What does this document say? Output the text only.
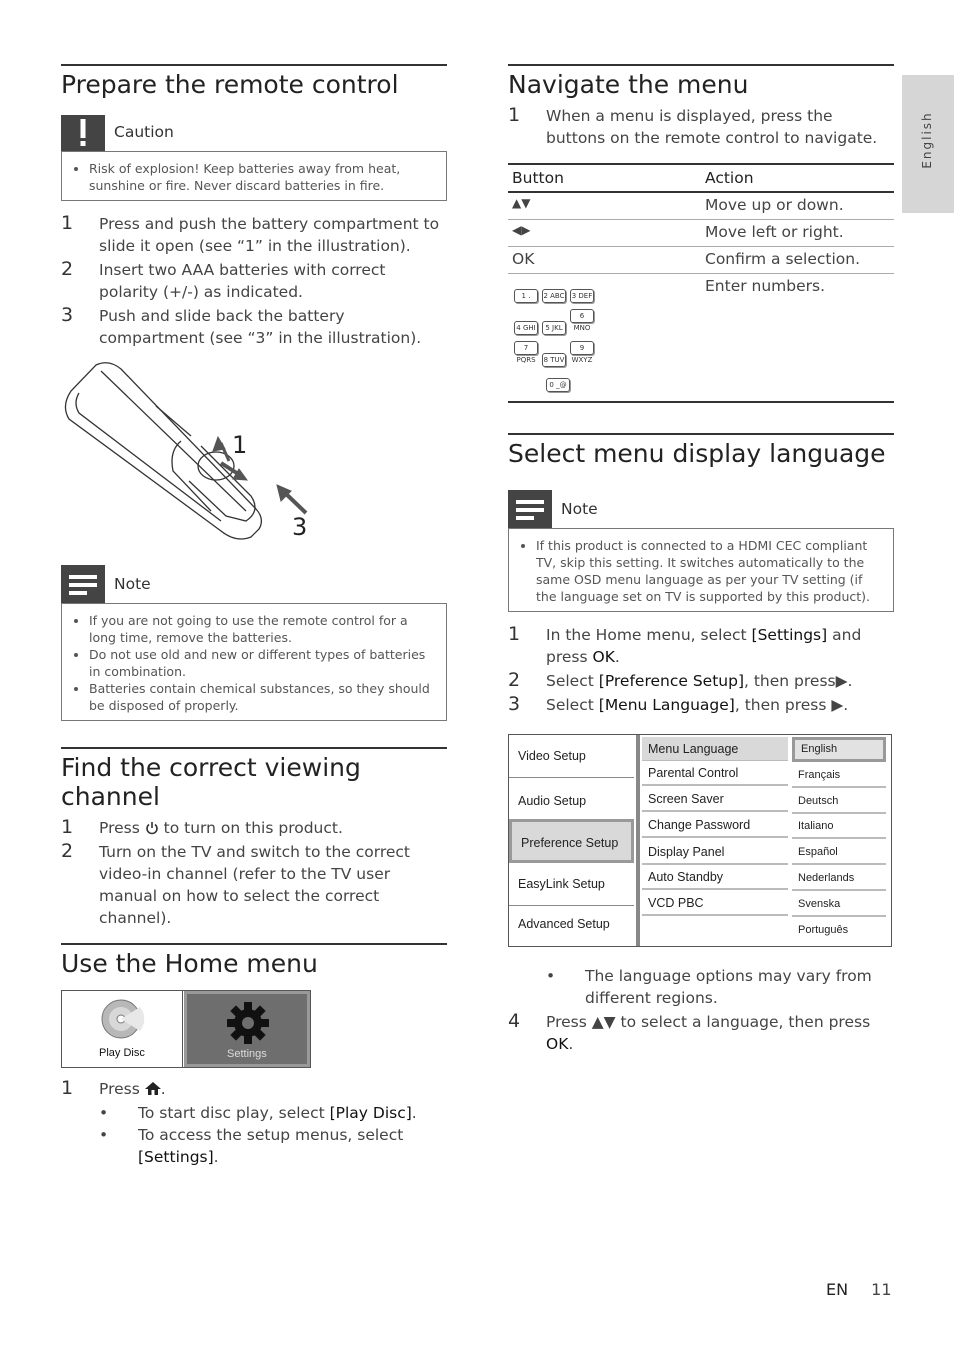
English
Prepare the remote control
Caution
• Risk of explosion! Keep batteries away from heat, sunshine or fire. Never discard batteries in fire.

1 Press and push the battery compartment to slide it open (see “1” in the illustration).

2 Insert two AAA batteries with correct polarity (+/-) as indicated.

3 Push and slide back the battery compartment (see “3” in the illustration).

1
3
Note
• If you are not going to use the remote control for a long time, remove the batteries.
• Do not use old and new or different types of batteries in combination.
• Batteries contain chemical substances, so they should be disposed of properly.
Find the correct viewing channel

1 Press to turn on this product.

2 Turn on the TV and switch to the correct video-in channel (refer to the TV user manual on how to select the correct channel).

Use the Home menu
Play Disc	Settings

1 Press .

•	To start disc play, select [Play Disc].
•	To access the setup menus, select [Settings].
Navigate the menu

1 When a menu is displayed, press the buttons on the remote control to navigate.

Button	Action
▲▼	Move up or down.
◀▶	Move left or right.
OK	Confirm a selection.

1 . 2 ABC 3 DEF
4 GHI 5 JKL6 MNO
7 PQRS 8 TUV9 WXYZ
0 _@	Enter numbers.
Select menu display language
Note
• If this product is connected to a HDMI CEC compliant TV, skip this setting. It switches automatically to the same OSD menu language as per your TV setting (if the language set on TV is supported by this product).

1 In the Home menu, select [Settings] and press OK.

2 Select [Preference Setup], then press▶.

3 Select [Menu Language], then press ▶.

Video Setup
Audio Setup
Preference Setup
EasyLink Setup
Advanced Setup
Menu Language
Parental Control
Screen Saver
Change Password
Display Panel
Auto Standby
VCD PBC
English
Français
Deutsch
Italiano
Español
Nederlands
Svenska
Português
•	The language options may vary from different regions.

4 Press ▲▼ to select a language, then press OK.

EN 11
